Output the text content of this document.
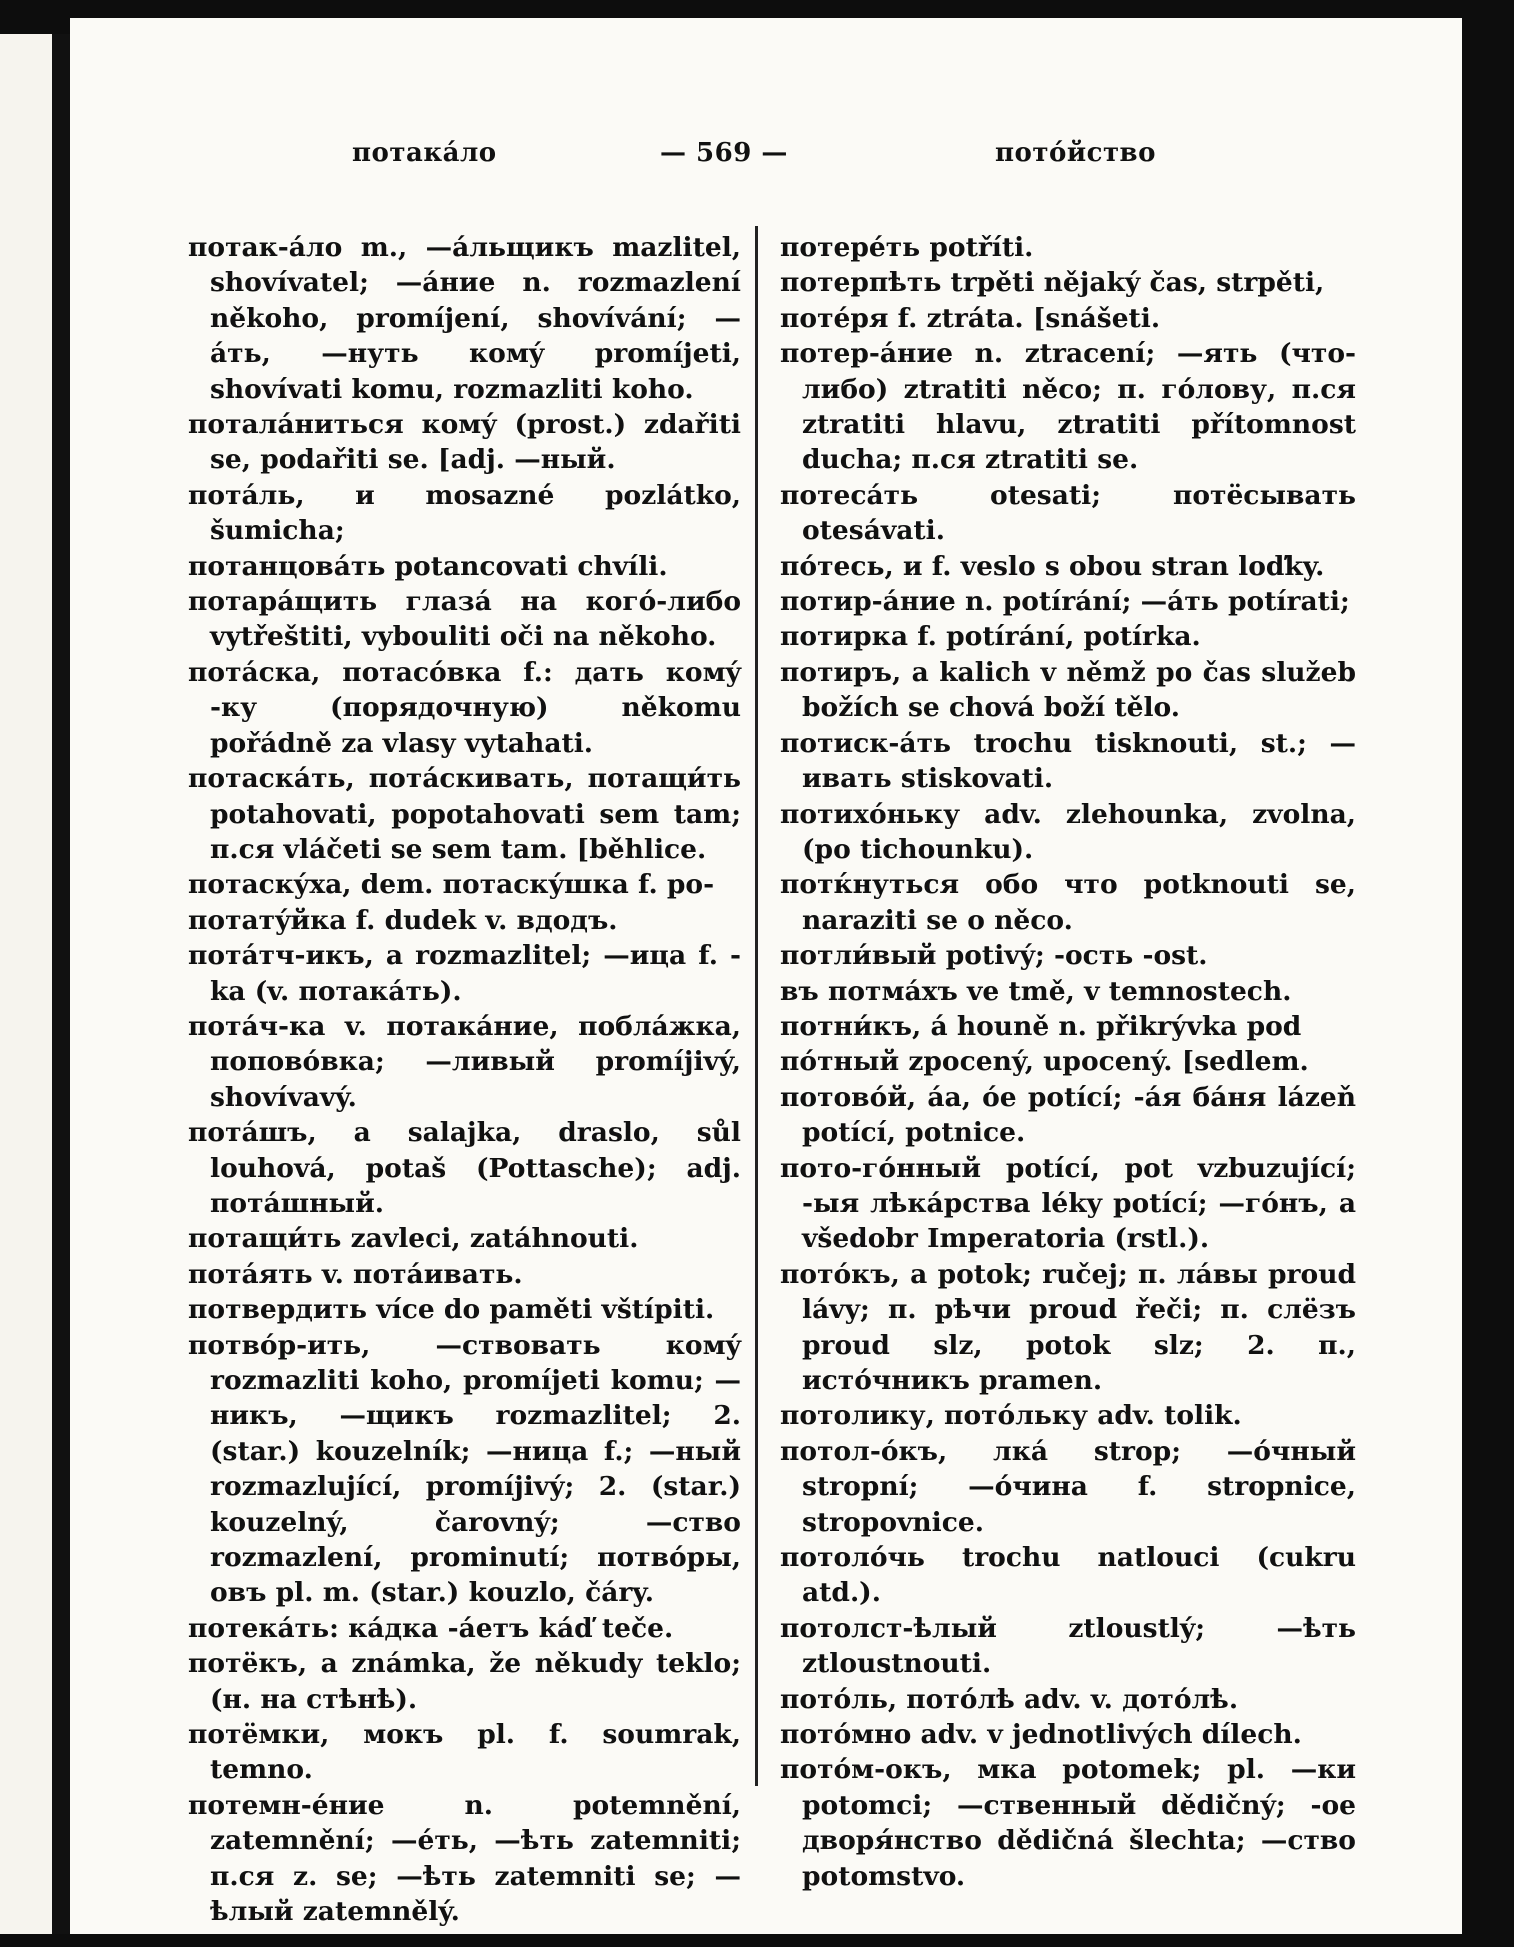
потакáло	— 569 —	потóйство

потак-áло m., —áльщикъ mazlitel, shovívatel; —áние n. rozmazlení někoho, promíjení, shovívání; —áть, —нуть комý promíjeti, shovívati komu, rozmazliti koho.

поталáниться комý (prost.) zdařiti se, podařiti se. [adj. —ный.

потáль, и mosazné pozlátko, šumicha;

потанцовáть potancovati chvíli.

потарáщить глазá на когó-либо vytřeštiti, vybouliti oči na někoho.

потáска, потасóвка f.: дать комý -ку (порядочную) někomu pořádně za vlasy vytahati.

потаскáть, потáскивать, потащи́ть potahovati, popotahovati sem tam; п.ся vláčeti se sem tam. [běhlice.

потаскýха, dem. потаскýшка f. po-

потатýйка f. dudek v. вдодъ.

потáтч-икъ, a rozmazlitel; —ица f. -ka (v. потакáть).

потáч-ка v. потакáние, поблáжка, поповóвка; —ливый promíjivý, shovívavý.

потáшъ, a salajka, draslo, sůl louhová, potaš (Pottasche); adj. потáшный.

потащи́ть zavleci, zatáhnouti.

потáять v. потáивать.

потвердить více do paměti vštípiti.

потвóр-ить, —ствовать комý rozmazliti koho, promíjeti komu; —никъ, —щикъ rozmazlitel; 2. (star.) kouzelník; —ница f.; —ный rozmazlující, promíjivý; 2. (star.) kouzelný, čarovný; —ство rozmazlení, prominutí; потвóры, овъ pl. m. (star.) kouzlo, čáry.

потекáть: кáдка -áетъ káď teče.

потёкъ, a známka, že někudy teklo; (н. на стѣнѣ).

потёмки, мокъ pl. f. soumrak, temno.

потемн-éние n. potemnění, zatemnění; —éть, —ѣть zatemniti; п.ся z. se; —ѣть zatemniti se; —ѣлый zatemnělý.

потерéть potříti.

потерпѣть trpěti nějaký čas, strpěti,

потéря f. ztráta. [snášeti.

потер-áние n. ztracení; —ять (что-либо) ztratiti něco; п. гóлову, п.ся ztratiti hlavu, ztratiti přítomnost ducha; п.ся ztratiti se.

потесáть otesati; потёсывать otesávati.

пóтесь, и f. veslo s obou stran loďky.

потир-áние n. potírání; —áть potírati;

потирка f. potírání, potírka.

потиръ, a kalich v němž po čas služeb božích se chová boží tělo.

потиск-áть trochu tisknouti, st.; —ивать stiskovati.

потихóньку adv. zlehounka, zvolna, (po tichounku).

потќнуться обо что potknouti se, naraziti se o něco.

потли́вый potivý; -ость -ost.

въ потмáхъ ve tmě, v temnostech.

потни́къ, á houně n. přikrývka pod

пóтный zpocený, upocený. [sedlem.

потовóй, áа, óе potící; -áя бáня lázeň potící, potnice.

пото-гóнный potící, pot vzbuzující; -ыя лѣкáрства léky potící; —гóнъ, a všedobr Imperatoria (rstl.).

потóкъ, a potok; ručej; п. лáвы proud lávy; п. рѣчи proud řeči; п. слёзъ proud slz, potok slz; 2. п., истóчникъ pramen.

потолику, потóльку adv. tolik.

потол-óкъ, лкá strop; —óчный stropní; —óчина f. stropnice, stropovnice.

потолóчь trochu natlouci (cukru atd.).

потолст-ѣлый ztloustlý; —ѣть ztloustnouti.

потóль, потóлѣ adv. v. дотóлѣ.

потóмно adv. v jednotlivých dílech.

потóм-окъ, мка potomek; pl. —ки potomci; —ственный dědičný; -ое дворя́нство dědičná šlechta; —ство potomstvo.
